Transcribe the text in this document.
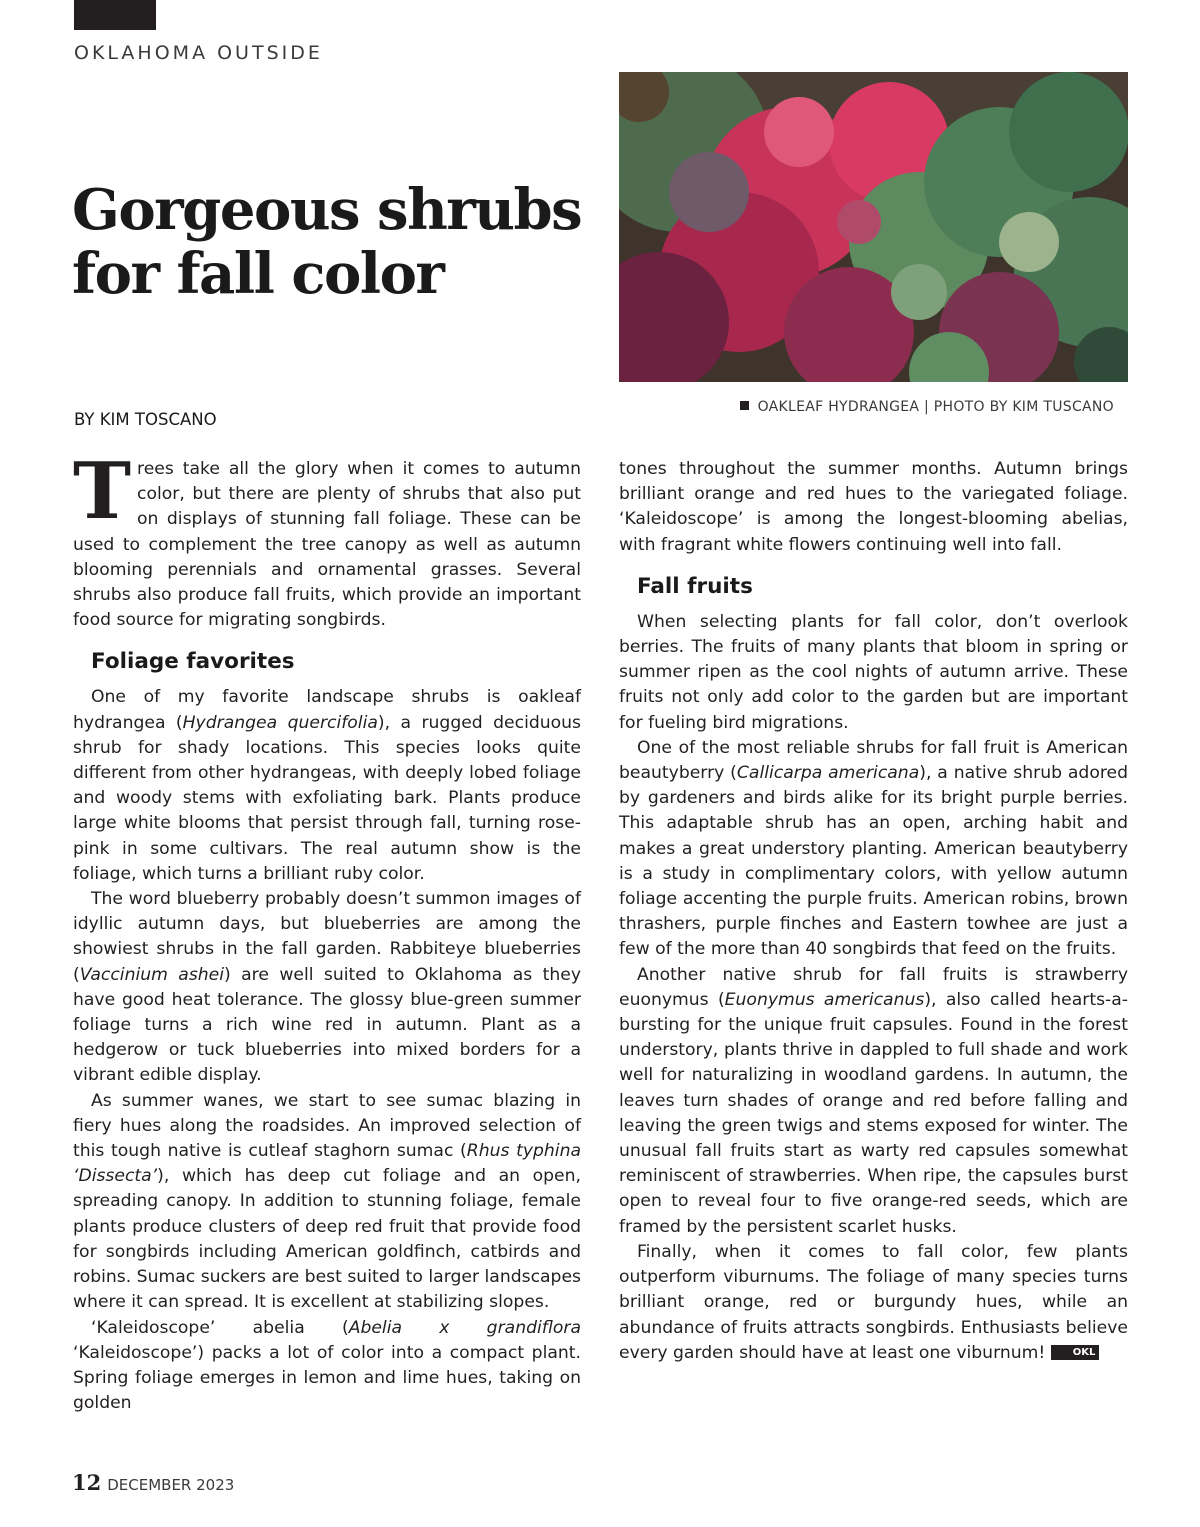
OKLAHOMA OUTSIDE
Gorgeous shrubs for fall color
BY KIM TOSCANO
OAKLEAF HYDRANGEA | PHOTO BY KIM TUSCANO

Trees take all the glory when it comes to autumn color, but there are plenty of shrubs that also put on displays of stunning fall foliage. These can be used to complement the tree canopy as well as autumn blooming perennials and ornamental grasses. Several shrubs also produce fall fruits, which provide an important food source for migrating songbirds.

Foliage favorites

One of my favorite landscape shrubs is oakleaf hydrangea (Hydrangea quercifolia), a rugged deciduous shrub for shady locations. This species looks quite different from other hydrangeas, with deeply lobed foliage and woody stems with exfoliating bark. Plants produce large white blooms that persist through fall, turning rose-pink in some cultivars. The real autumn show is the foliage, which turns a brilliant ruby color.

The word blueberry probably doesn’t summon images of idyllic autumn days, but blueberries are among the showiest shrubs in the fall garden. Rabbiteye blueberries (Vaccinium ashei) are well suited to Oklahoma as they have good heat tolerance. The glossy blue-green summer foliage turns a rich wine red in autumn. Plant as a hedgerow or tuck blueberries into mixed borders for a vibrant edible display.

As summer wanes, we start to see sumac blazing in fiery hues along the roadsides. An improved selection of this tough native is cutleaf staghorn sumac (Rhus typhina ‘Dissecta’), which has deep cut foliage and an open, spreading canopy. In addition to stunning foliage, female plants produce clusters of deep red fruit that provide food for songbirds including American goldfinch, catbirds and robins. Sumac suckers are best suited to larger landscapes where it can spread. It is excellent at stabilizing slopes.

‘Kaleidoscope’ abelia (Abelia x grandiflora ‘Kaleidoscope’) packs a lot of color into a compact plant. Spring foliage emerges in lemon and lime hues, taking on golden

tones throughout the summer months. Autumn brings brilliant orange and red hues to the variegated foliage. ‘Kaleidoscope’ is among the longest-blooming abelias, with fragrant white flowers continuing well into fall.

Fall fruits

When selecting plants for fall color, don’t overlook berries. The fruits of many plants that bloom in spring or summer ripen as the cool nights of autumn arrive. These fruits not only add color to the garden but are important for fueling bird migrations.

One of the most reliable shrubs for fall fruit is American beautyberry (Callicarpa americana), a native shrub adored by gardeners and birds alike for its bright purple berries. This adaptable shrub has an open, arching habit and makes a great understory planting. American beautyberry is a study in complimentary colors, with yellow autumn foliage accenting the purple fruits. American robins, brown thrashers, purple finches and Eastern towhee are just a few of the more than 40 songbirds that feed on the fruits.

Another native shrub for fall fruits is strawberry euonymus (Euonymus americanus), also called hearts-a-bursting for the unique fruit capsules. Found in the forest understory, plants thrive in dappled to full shade and work well for naturalizing in woodland gardens. In autumn, the leaves turn shades of orange and red before falling and leaving the green twigs and stems exposed for winter. The unusual fall fruits start as warty red capsules somewhat reminiscent of strawberries. When ripe, the capsules burst open to reveal four to five orange-red seeds, which are framed by the persistent scarlet husks.

Finally, when it comes to fall color, few plants outperform viburnums. The foliage of many species turns brilliant orange, red or burgundy hues, while an abundance of fruits attracts songbirds. Enthusiasts believe every garden should have at least one viburnum!	OKL

12 DECEMBER 2023
